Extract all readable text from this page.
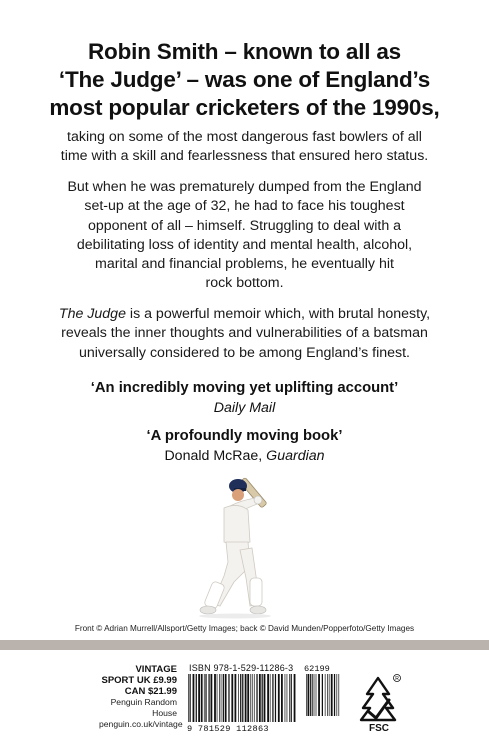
Robin Smith – known to all as
‘The Judge’ – was one of England’s
most popular cricketers of the 1990s,
taking on some of the most dangerous fast bowlers of all
time with a skill and fearlessness that ensured hero status.
But when he was prematurely dumped from the England
set-up at the age of 32, he had to face his toughest
opponent of all – himself. Struggling to deal with a
debilitating loss of identity and mental health, alcohol,
marital and financial problems, he eventually hit
rock bottom.
The Judge is a powerful memoir which, with brutal honesty,
reveals the inner thoughts and vulnerabilities of a batsman
universally considered to be among England’s finest.
‘An incredibly moving yet uplifting account’
Daily Mail
‘A profoundly moving book’
Donald McRae, Guardian
Front © Adrian Murrell/Allsport/Getty Images; back © David Munden/Popperfoto/Getty Images
VINTAGE
SPORT UK £9.99
CAN $21.99
Penguin Random House
penguin.co.uk/vintage
ISBN 978-1-529-11286-3
9 781529 112863
62199
R
FSC
